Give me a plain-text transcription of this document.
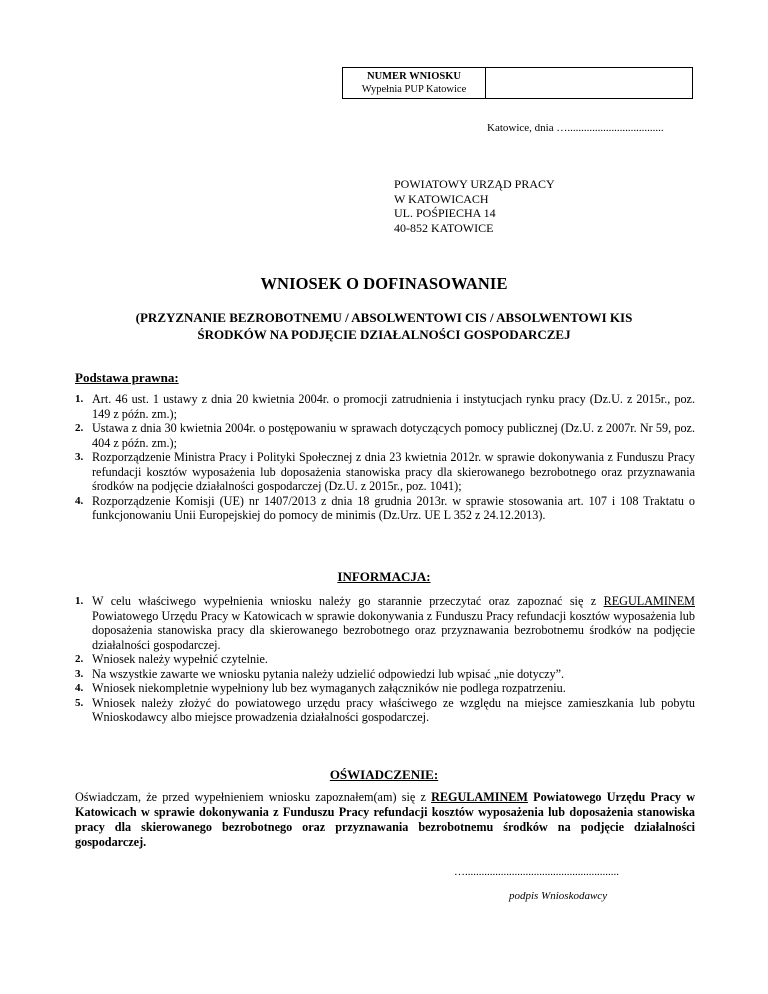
NUMER WNIOSKU
Wypełnia PUP Katowice
Katowice, dnia …...................................
POWIATOWY URZĄD PRACY
W KATOWICACH
UL. POŚPIECHA 14
40-852 KATOWICE
WNIOSEK O DOFINASOWANIE
(PRZYZNANIE BEZROBOTNEMU / ABSOLWENTOWI CIS / ABSOLWENTOWI KIS
ŚRODKÓW NA PODJĘCIE DZIAŁALNOŚCI GOSPODARCZEJ
Podstawa prawna:
1. Art. 46 ust. 1 ustawy z dnia 20 kwietnia 2004r. o promocji zatrudnienia i instytucjach rynku pracy (Dz.U. z 2015r., poz. 149 z późn. zm.);
2. Ustawa z dnia 30 kwietnia 2004r. o postępowaniu w sprawach dotyczących pomocy publicznej (Dz.U. z 2007r. Nr 59, poz. 404 z późn. zm.);
3. Rozporządzenie Ministra Pracy i Polityki Społecznej z dnia 23 kwietnia 2012r. w sprawie dokonywania z Funduszu Pracy refundacji kosztów wyposażenia lub doposażenia stanowiska pracy dla skierowanego bezrobotnego oraz przyznawania środków na podjęcie działalności gospodarczej (Dz.U. z 2015r., poz. 1041);
4. Rozporządzenie Komisji (UE) nr 1407/2013 z dnia 18 grudnia 2013r. w sprawie stosowania art. 107 i 108 Traktatu o funkcjonowaniu Unii Europejskiej do pomocy de minimis (Dz.Urz. UE L 352 z 24.12.2013).
INFORMACJA:
1. W celu właściwego wypełnienia wniosku należy go starannie przeczytać oraz zapoznać się z REGULAMINEM Powiatowego Urzędu Pracy w Katowicach w sprawie dokonywania z Funduszu Pracy refundacji kosztów wyposażenia lub doposażenia stanowiska pracy dla skierowanego bezrobotnego oraz przyznawania bezrobotnemu środków na podjęcie działalności gospodarczej.
2. Wniosek należy wypełnić czytelnie.
3. Na wszystkie zawarte we wniosku pytania należy udzielić odpowiedzi lub wpisać „nie dotyczy”.
4. Wniosek niekompletnie wypełniony lub bez wymaganych załączników nie podlega rozpatrzeniu.
5. Wniosek należy złożyć do powiatowego urzędu pracy właściwego ze względu na miejsce zamieszkania lub pobytu Wnioskodawcy albo miejsce prowadzenia działalności gospodarczej.
OŚWIADCZENIE:
Oświadczam, że przed wypełnieniem wniosku zapoznałem(am) się z REGULAMINEM Powiatowego Urzędu Pracy w Katowicach w sprawie dokonywania z Funduszu Pracy refundacji kosztów wyposażenia lub doposażenia stanowiska pracy dla skierowanego bezrobotnego oraz przyznawania bezrobotnemu środków na podjęcie działalności gospodarczej.
…........................................................
podpis Wnioskodawcy
